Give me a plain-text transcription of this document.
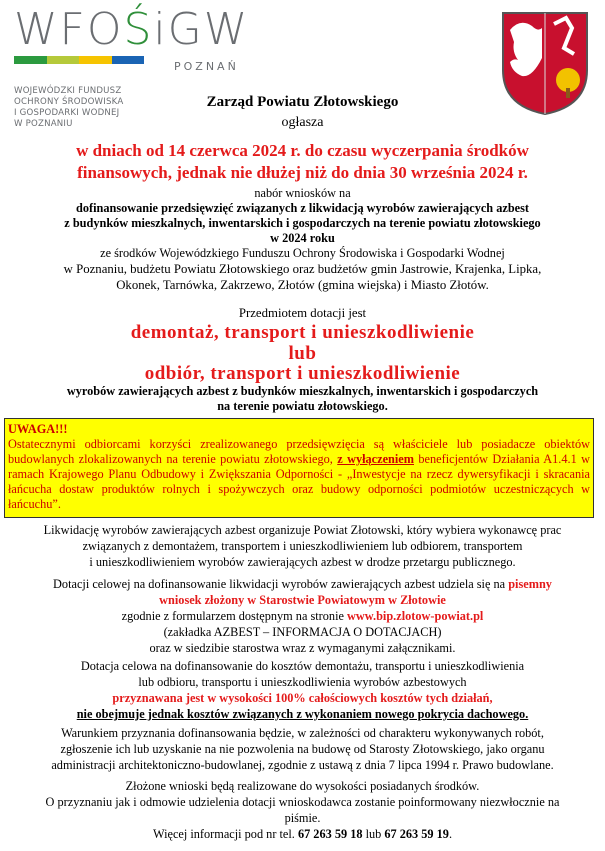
WFOŚiGW
POZNAŃ
WOJEWÓDZKI FUNDUSZ
OCHRONY ŚRODOWISKA
I GOSPODARKI WODNEJ
W POZNANIU
Zarząd Powiatu Złotowskiego
ogłasza
w dniach od 14 czerwca 2024 r. do czasu wyczerpania środków
finansowych, jednak nie dłużej niż do dnia 30 września 2024 r.
nabór wniosków na
dofinansowanie przedsięwzięć związanych z likwidacją wyrobów zawierających azbest
z budynków mieszkalnych, inwentarskich i gospodarczych na terenie powiatu złotowskiego
w 2024 roku
ze środków Wojewódzkiego Funduszu Ochrony Środowiska i Gospodarki Wodnej
w Poznaniu, budżetu Powiatu Złotowskiego oraz budżetów gmin Jastrowie, Krajenka, Lipka,
Okonek, Tarnówka, Zakrzewo, Złotów (gmina wiejska) i Miasto Złotów.
Przedmiotem dotacji jest
demontaż, transport i unieszkodliwienie
lub
odbiór, transport i unieszkodliwienie
wyrobów zawierających azbest z budynków mieszkalnych, inwentarskich i gospodarczych
na terenie powiatu złotowskiego.
UWAGA!!!
Ostatecznymi odbiorcami korzyści zrealizowanego przedsięwzięcia są właściciele lub posiadacze obiektów budowlanych zlokalizowanych na terenie powiatu złotowskiego, z wyłączeniem beneficjentów Działania A1.4.1 w ramach Krajowego Planu Odbudowy i Zwiększania Odporności - „Inwestycje na rzecz dywersyfikacji i skracania łańcucha dostaw produktów rolnych i spożywczych oraz budowy odporności podmiotów uczestniczących w łańcuchu”.
Likwidację wyrobów zawierających azbest organizuje Powiat Złotowski, który wybiera wykonawcę prac
związanych z demontażem, transportem i unieszkodliwieniem lub odbiorem, transportem
i unieszkodliwieniem wyrobów zawierających azbest w drodze przetargu publicznego.
Dotacji celowej na dofinansowanie likwidacji wyrobów zawierających azbest udziela się na pisemny
wniosek złożony w Starostwie Powiatowym w Złotowie
zgodnie z formularzem dostępnym na stronie www.bip.zlotow-powiat.pl
(zakładka AZBEST – INFORMACJA O DOTACJACH)
oraz w siedzibie starostwa wraz z wymaganymi załącznikami.
Dotacja celowa na dofinansowanie do kosztów demontażu, transportu i unieszkodliwienia
lub odbioru, transportu i unieszkodliwienia wyrobów azbestowych
przyznawana jest w wysokości 100% całościowych kosztów tych działań,
nie obejmuje jednak kosztów związanych z wykonaniem nowego pokrycia dachowego.
Warunkiem przyznania dofinansowania będzie, w zależności od charakteru wykonywanych robót,
zgłoszenie ich lub uzyskanie na nie pozwolenia na budowę od Starosty Złotowskiego, jako organu
administracji architektoniczno-budowlanej, zgodnie z ustawą z dnia 7 lipca 1994 r. Prawo budowlane.
Złożone wnioski będą realizowane do wysokości posiadanych środków.
O przyznaniu jak i odmowie udzielenia dotacji wnioskodawca zostanie poinformowany niezwłocznie na
piśmie.
Więcej informacji pod nr tel. 67 263 59 18 lub 67 263 59 19.
